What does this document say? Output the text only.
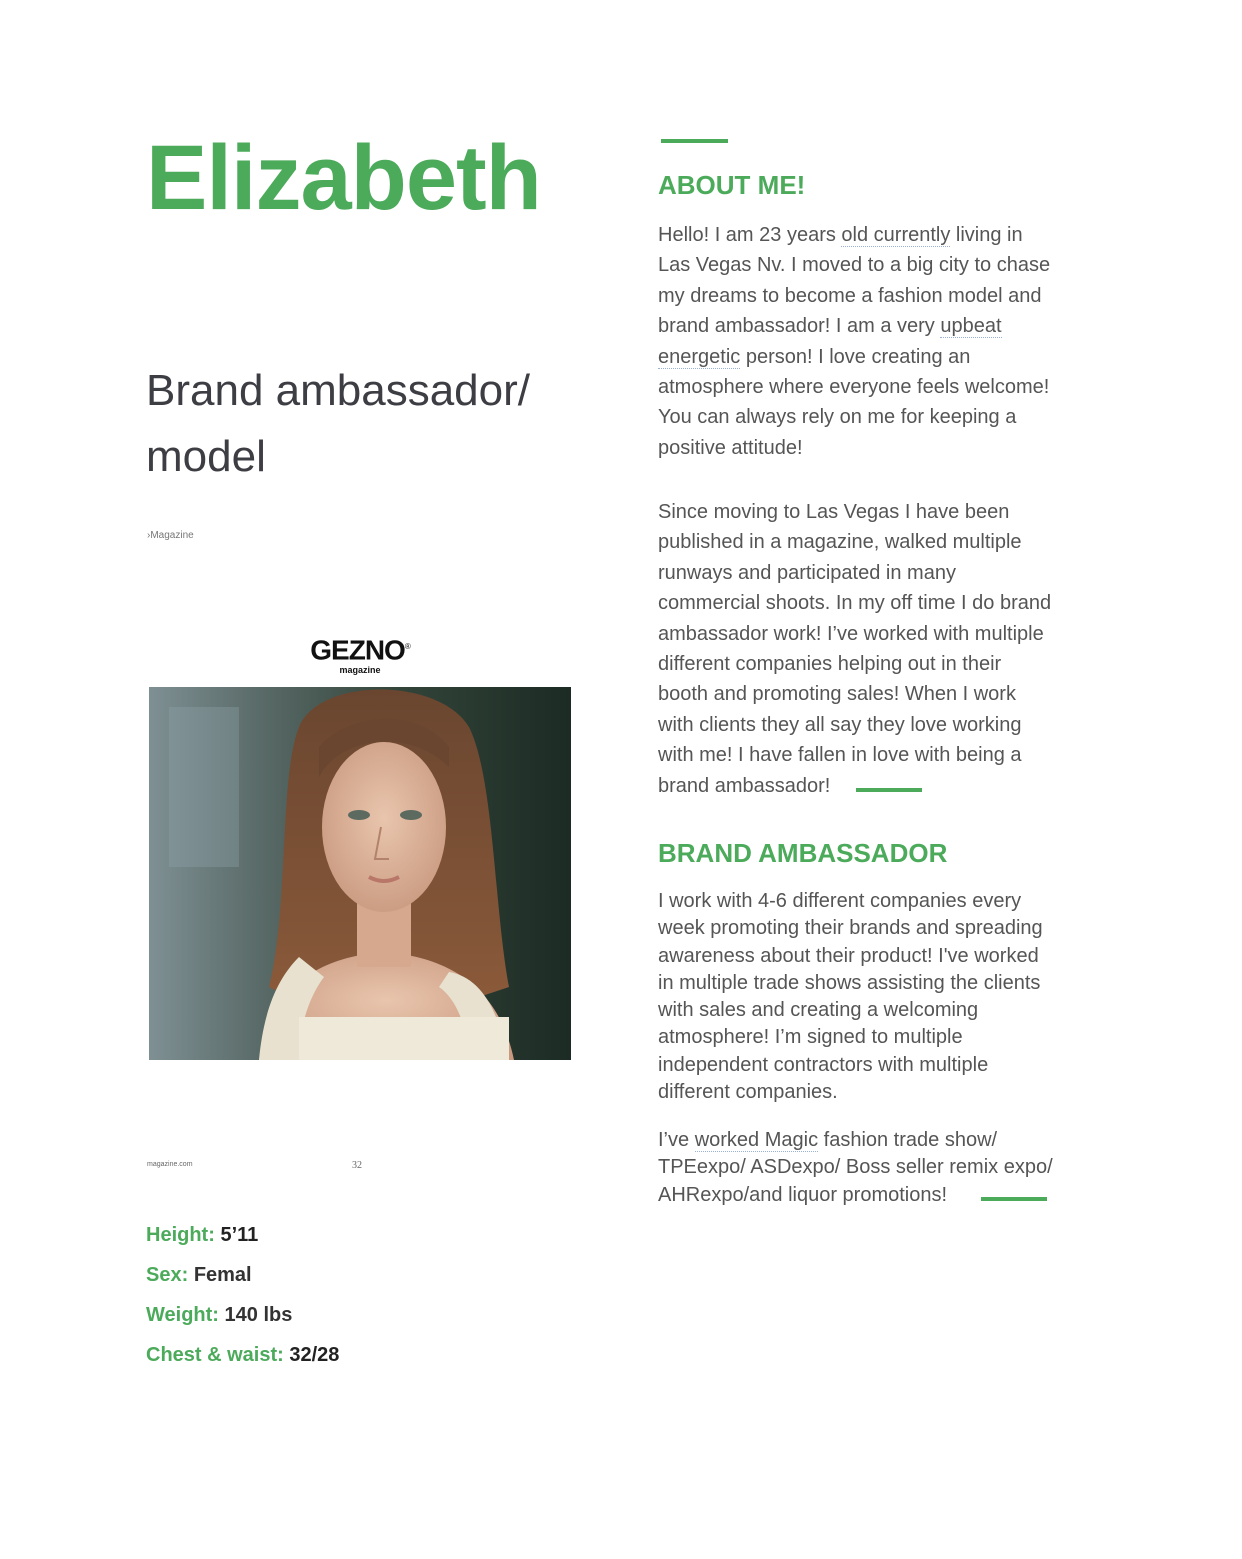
Elizabeth
Brand ambassador/ model
›Magazine
GEZNO®
magazine
magazine.com	32
Height: 5’11
Sex: Femal
Weight: 140 lbs
Chest & waist: 32/28
ABOUT ME!

Hello! I am 23 years old currently living in
Las Vegas Nv. I moved to a big city to chase
my dreams to become a fashion model and
brand ambassador! I am a very upbeat
energetic person! I love creating an
atmosphere where everyone feels welcome!
You can always rely on me for keeping a
positive attitude!

Since moving to Las Vegas I have been
published in a magazine, walked multiple
runways and participated in many
commercial shoots. In my off time I do brand
ambassador work! I’ve worked with multiple
different companies helping out in their
booth and promoting sales! When I work
with clients they all say they love working
with me! I have fallen in love with being a
brand ambassador!

BRAND AMBASSADOR

I work with 4-6 different companies every
week promoting their brands and spreading
awareness about their product! I've worked
in multiple trade shows assisting the clients
with sales and creating a welcoming
atmosphere! I’m signed to multiple
independent contractors with multiple
different companies.

I’ve worked Magic fashion trade show/
TPEexpo/ ASDexpo/ Boss seller remix expo/
AHRexpo/and liquor promotions!
